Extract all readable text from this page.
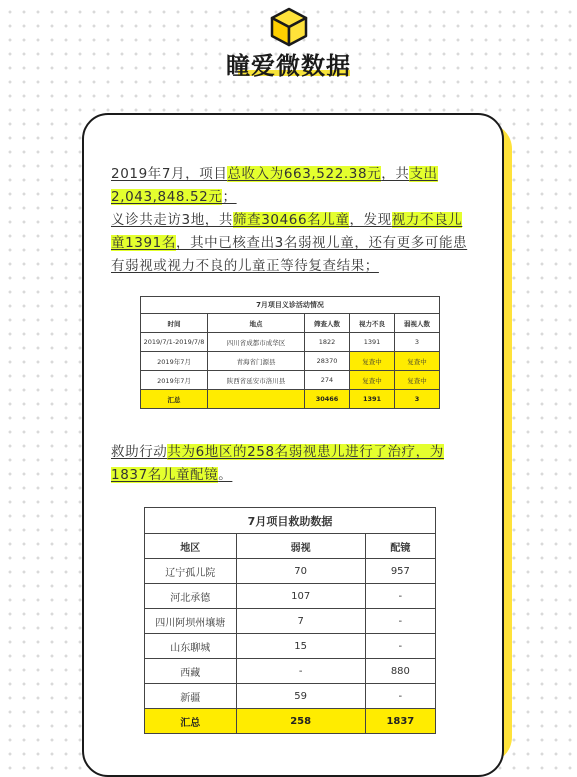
瞳爱微数据
2019年7月，项目总收入为663,522.38元，共支出2,043,848.52元；
义诊共走访3地，共筛查30466名儿童，发现视力不良儿童1391名，其中已核查出3名弱视儿童，还有更多可能患有弱视或视力不良的儿童正等待复查结果；
7月项目义诊活动情况				
时间	地点	筛查人数	视力不良	弱视人数
2019/7/1-2019/7/8	四川省成都市成华区	1822	1391	3
2019年7月	青海省门源县	28370	复查中	复查中
2019年7月	陕西省延安市洛川县	274	复查中	复查中
汇总		30466	1391	3
救助行动共为6地区的258名弱视患儿进行了治疗，为1837名儿童配镜。
7月项目救助数据		
地区	弱视	配镜
辽宁孤儿院	70	957
河北承德	107	-
四川阿坝州壤塘	7	-
山东聊城	15	-
西藏	-	880
新疆	59	-
汇总	258	1837
